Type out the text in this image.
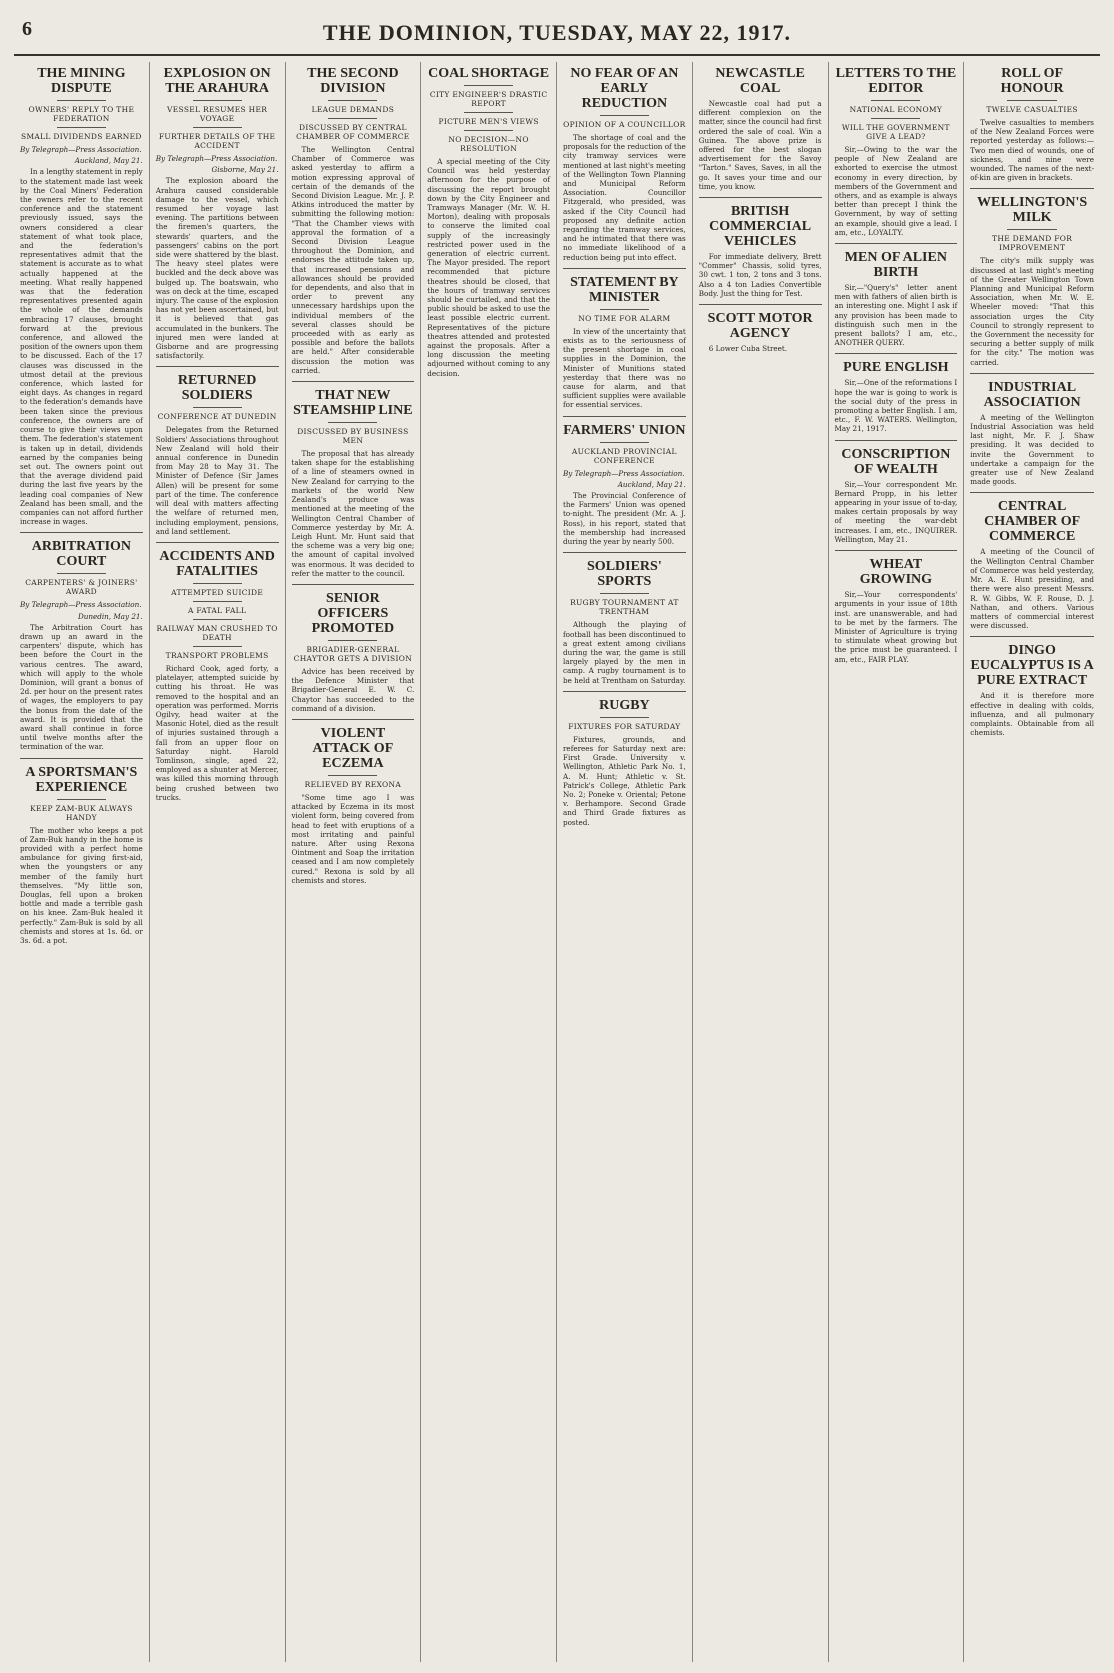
6	THE DOMINION, TUESDAY, MAY 22, 1917.
THE MINING DISPUTE
OWNERS' REPLY TO THE FEDERATION
SMALL DIVIDENDS EARNED
By Telegraph—Press Association.
Auckland, May 21.

In a lengthy statement in reply to the statement made last week by the Coal Miners' Federation the owners refer to the recent conference and the statement previously issued, says the owners considered a clear statement of what took place, and the federation's representatives admit that the statement is accurate as to what actually happened at the meeting. What really happened was that the federation representatives presented again the whole of the demands embracing 17 clauses, brought forward at the previous conference, and allowed the position of the owners upon them to be discussed. Each of the 17 clauses was discussed in the utmost detail at the previous conference, which lasted for eight days. As changes in regard to the federation's demands have been taken since the previous conference, the owners are of course to give their views upon them. The federation's statement is taken up in detail, dividends earned by the companies being set out. The owners point out that the average dividend paid during the last five years by the leading coal companies of New Zealand has been small, and the companies can not afford further increase in wages.

ARBITRATION COURT
CARPENTERS' & JOINERS' AWARD
By Telegraph—Press Association.
Dunedin, May 21.

The Arbitration Court has drawn up an award in the carpenters' dispute, which has been before the Court in the various centres. The award, which will apply to the whole Dominion, will grant a bonus of 2d. per hour on the present rates of wages, the employers to pay the bonus from the date of the award. It is provided that the award shall continue in force until twelve months after the termination of the war.

A SPORTSMAN'S EXPERIENCE
KEEP ZAM-BUK ALWAYS HANDY

The mother who keeps a pot of Zam-Buk handy in the home is provided with a perfect home ambulance for giving first-aid, when the youngsters or any member of the family hurt themselves. "My little son, Douglas, fell upon a broken bottle and made a terrible gash on his knee. Zam-Buk healed it perfectly." Zam-Buk is sold by all chemists and stores at 1s. 6d. or 3s. 6d. a pot.

EXPLOSION ON THE ARAHURA
VESSEL RESUMES HER VOYAGE
FURTHER DETAILS OF THE ACCIDENT
By Telegraph—Press Association.
Gisborne, May 21.

The explosion aboard the Arahura caused considerable damage to the vessel, which resumed her voyage last evening. The partitions between the firemen's quarters, the stewards' quarters, and the passengers' cabins on the port side were shattered by the blast. The heavy steel plates were buckled and the deck above was bulged up. The boatswain, who was on deck at the time, escaped injury. The cause of the explosion has not yet been ascertained, but it is believed that gas accumulated in the bunkers. The injured men were landed at Gisborne and are progressing satisfactorily.

RETURNED SOLDIERS
CONFERENCE AT DUNEDIN

Delegates from the Returned Soldiers' Associations throughout New Zealand will hold their annual conference in Dunedin from May 28 to May 31. The Minister of Defence (Sir James Allen) will be present for some part of the time. The conference will deal with matters affecting the welfare of returned men, including employment, pensions, and land settlement.

ACCIDENTS AND FATALITIES
ATTEMPTED SUICIDE
A FATAL FALL
RAILWAY MAN CRUSHED TO DEATH
TRANSPORT PROBLEMS

Richard Cook, aged forty, a platelayer, attempted suicide by cutting his throat. He was removed to the hospital and an operation was performed. Morris Ogilvy, head waiter at the Masonic Hotel, died as the result of injuries sustained through a fall from an upper floor on Saturday night. Harold Tomlinson, single, aged 22, employed as a shunter at Mercer, was killed this morning through being crushed between two trucks.

THE SECOND DIVISION
LEAGUE DEMANDS
DISCUSSED BY CENTRAL CHAMBER OF COMMERCE

The Wellington Central Chamber of Commerce was asked yesterday to affirm a motion expressing approval of certain of the demands of the Second Division League. Mr. J. P. Atkins introduced the matter by submitting the following motion: "That the Chamber views with approval the formation of a Second Division League throughout the Dominion, and endorses the attitude taken up, that increased pensions and allowances should be provided for dependents, and also that in order to prevent any unnecessary hardships upon the individual members of the several classes should be proceeded with as early as possible and before the ballots are held." After considerable discussion the motion was carried.

THAT NEW STEAMSHIP LINE
DISCUSSED BY BUSINESS MEN

The proposal that has already taken shape for the establishing of a line of steamers owned in New Zealand for carrying to the markets of the world New Zealand's produce was mentioned at the meeting of the Wellington Central Chamber of Commerce yesterday by Mr. A. Leigh Hunt. Mr. Hunt said that the scheme was a very big one; the amount of capital involved was enormous. It was decided to refer the matter to the council.

SENIOR OFFICERS PROMOTED
BRIGADIER-GENERAL CHAYTOR GETS A DIVISION

Advice has been received by the Defence Minister that Brigadier-General E. W. C. Chaytor has succeeded to the command of a division.

VIOLENT ATTACK OF ECZEMA
RELIEVED BY REXONA

"Some time ago I was attacked by Eczema in its most violent form, being covered from head to feet with eruptions of a most irritating and painful nature. After using Rexona Ointment and Soap the irritation ceased and I am now completely cured." Rexona is sold by all chemists and stores.

COAL SHORTAGE
CITY ENGINEER'S DRASTIC REPORT
PICTURE MEN'S VIEWS
NO DECISION—NO RESOLUTION

A special meeting of the City Council was held yesterday afternoon for the purpose of discussing the report brought down by the City Engineer and Tramways Manager (Mr. W. H. Morton), dealing with proposals to conserve the limited coal supply of the increasingly restricted power used in the generation of electric current. The Mayor presided. The report recommended that picture theatres should be closed, that the hours of tramway services should be curtailed, and that the public should be asked to use the least possible electric current. Representatives of the picture theatres attended and protested against the proposals. After a long discussion the meeting adjourned without coming to any decision.

NO FEAR OF AN EARLY REDUCTION
OPINION OF A COUNCILLOR

The shortage of coal and the proposals for the reduction of the city tramway services were mentioned at last night's meeting of the Wellington Town Planning and Municipal Reform Association. Councillor Fitzgerald, who presided, was asked if the City Council had proposed any definite action regarding the tramway services, and he intimated that there was no immediate likelihood of a reduction being put into effect.

STATEMENT BY MINISTER
NO TIME FOR ALARM

In view of the uncertainty that exists as to the seriousness of the present shortage in coal supplies in the Dominion, the Minister of Munitions stated yesterday that there was no cause for alarm, and that sufficient supplies were available for essential services.

FARMERS' UNION
AUCKLAND PROVINCIAL CONFERENCE
By Telegraph—Press Association.
Auckland, May 21.

The Provincial Conference of the Farmers' Union was opened to-night. The president (Mr. A. J. Ross), in his report, stated that the membership had increased during the year by nearly 500.

SOLDIERS' SPORTS
RUGBY TOURNAMENT AT TRENTHAM

Although the playing of football has been discontinued to a great extent among civilians during the war, the game is still largely played by the men in camp. A rugby tournament is to be held at Trentham on Saturday.

RUGBY
FIXTURES FOR SATURDAY

Fixtures, grounds, and referees for Saturday next are: First Grade. University v. Wellington, Athletic Park No. 1, A. M. Hunt; Athletic v. St. Patrick's College, Athletic Park No. 2; Poneke v. Oriental; Petone v. Berhampore. Second Grade and Third Grade fixtures as posted.

NEWCASTLE COAL

Newcastle coal had put a different complexion on the matter, since the council had first ordered the sale of coal. Win a Guinea. The above prize is offered for the best slogan advertisement for the Savoy "Tarton." Saves, Saves, in all the go. It saves your time and our time, you know.

BRITISH COMMERCIAL VEHICLES

For immediate delivery, Brett "Commer" Chassis, solid tyres, 30 cwt. 1 ton, 2 tons and 3 tons. Also a 4 ton Ladies Convertible Body. Just the thing for Test.

SCOTT MOTOR AGENCY

6 Lower Cuba Street.

LETTERS TO THE EDITOR
NATIONAL ECONOMY
WILL THE GOVERNMENT GIVE A LEAD?

Sir,—Owing to the war the people of New Zealand are exhorted to exercise the utmost economy in every direction, by members of the Government and others, and as example is always better than precept I think the Government, by way of setting an example, should give a lead. I am, etc., LOYALTY.

MEN OF ALIEN BIRTH

Sir,—"Query's" letter anent men with fathers of alien birth is an interesting one. Might I ask if any provision has been made to distinguish such men in the present ballots? I am, etc., ANOTHER QUERY.

PURE ENGLISH

Sir,—One of the reformations I hope the war is going to work is the social duty of the press in promoting a better English. I am, etc., F. W. WATERS. Wellington, May 21, 1917.

CONSCRIPTION OF WEALTH

Sir,—Your correspondent Mr. Bernard Propp, in his letter appearing in your issue of to-day, makes certain proposals by way of meeting the war-debt increases. I am, etc., INQUIRER. Wellington, May 21.

WHEAT GROWING

Sir,—Your correspondents' arguments in your issue of 18th inst. are unanswerable, and had to be met by the farmers. The Minister of Agriculture is trying to stimulate wheat growing but the price must be guaranteed. I am, etc., FAIR PLAY.

ROLL OF HONOUR
TWELVE CASUALTIES

Twelve casualties to members of the New Zealand Forces were reported yesterday as follows:—Two men died of wounds, one of sickness, and nine were wounded. The names of the next-of-kin are given in brackets.

WELLINGTON'S MILK
THE DEMAND FOR IMPROVEMENT

The city's milk supply was discussed at last night's meeting of the Greater Wellington Town Planning and Municipal Reform Association, when Mr. W. E. Wheeler moved: "That this association urges the City Council to strongly represent to the Government the necessity for securing a better supply of milk for the city." The motion was carried.

INDUSTRIAL ASSOCIATION

A meeting of the Wellington Industrial Association was held last night, Mr. F. J. Shaw presiding. It was decided to invite the Government to undertake a campaign for the greater use of New Zealand made goods.

CENTRAL CHAMBER OF COMMERCE

A meeting of the Council of the Wellington Central Chamber of Commerce was held yesterday, Mr. A. E. Hunt presiding, and there were also present Messrs. R. W. Gibbs, W. F. Rouse, D. J. Nathan, and others. Various matters of commercial interest were discussed.

DINGO EUCALYPTUS IS A PURE EXTRACT

And it is therefore more effective in dealing with colds, influenza, and all pulmonary complaints. Obtainable from all chemists.
